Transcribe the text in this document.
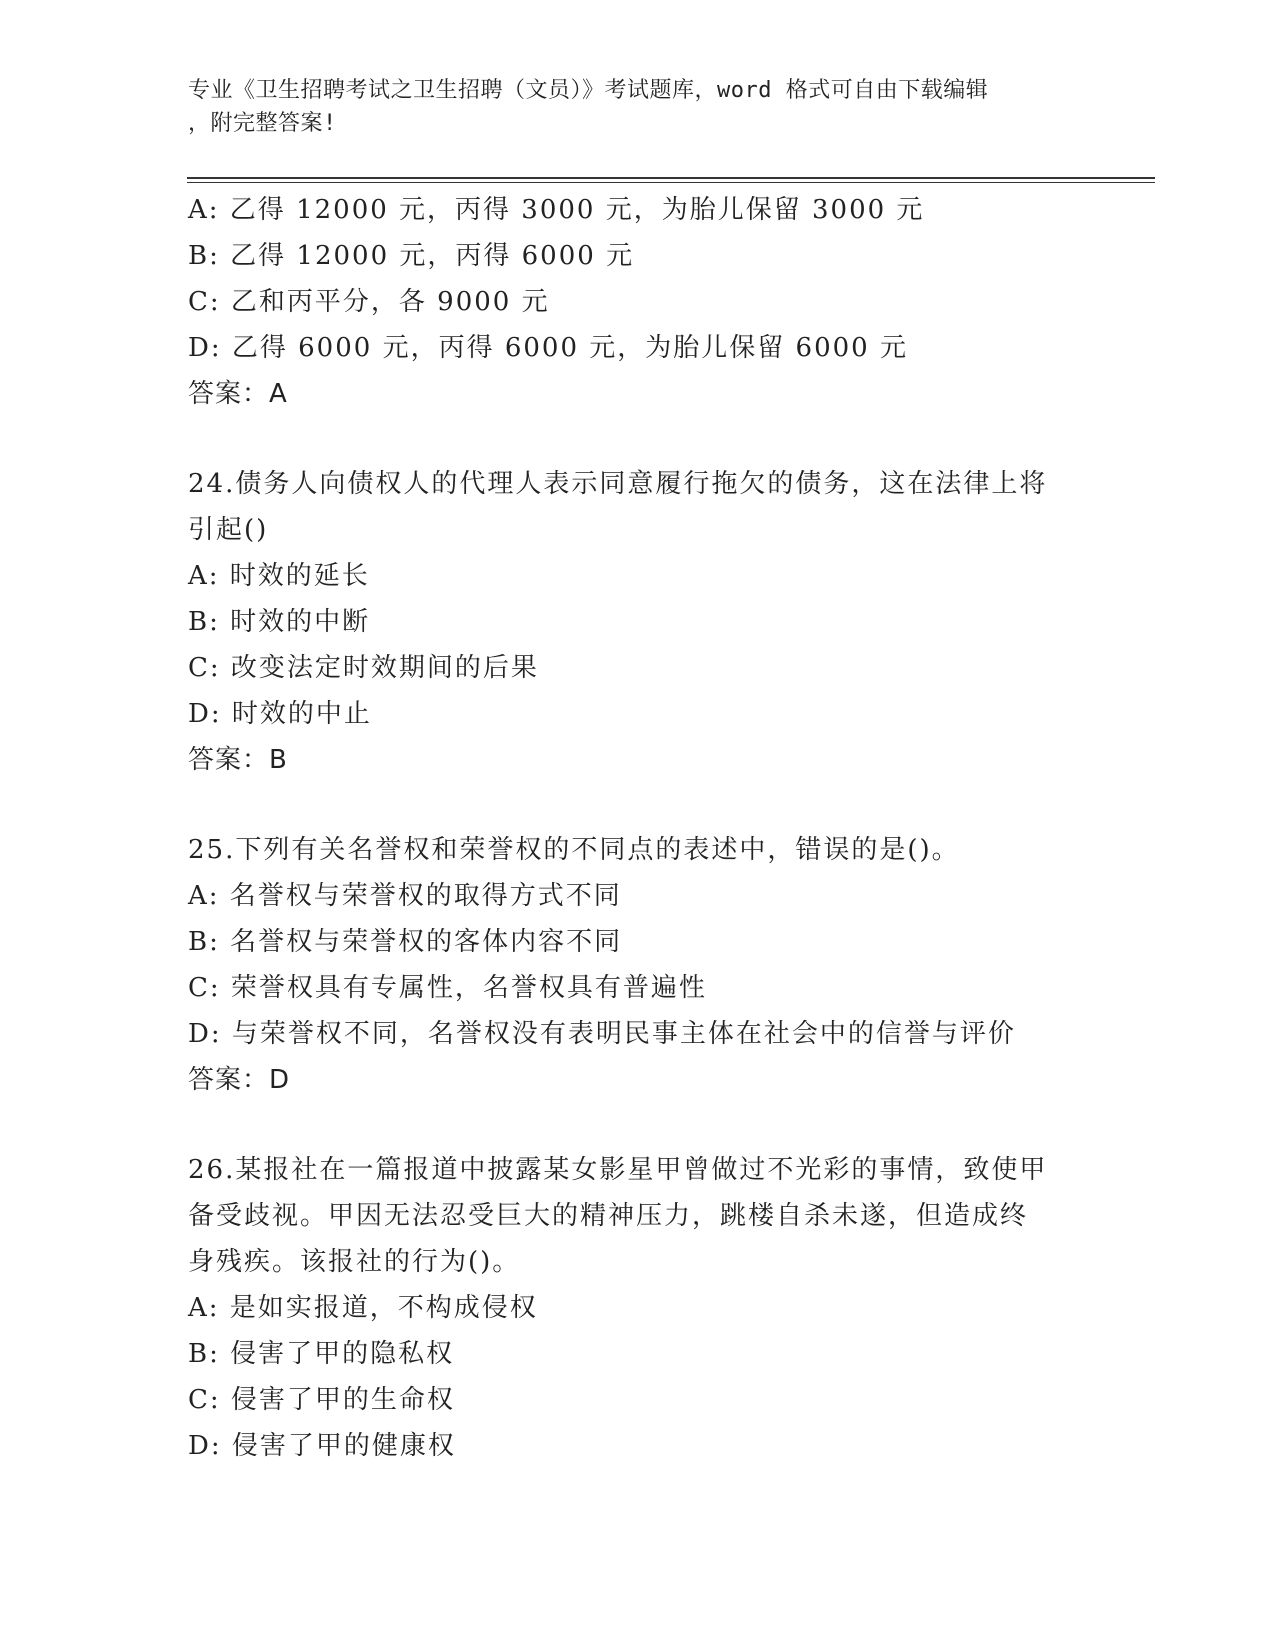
专业《卫生招聘考试之卫生招聘（文员）》考试题库，word 格式可自由下载编辑
，附完整答案!
A: 乙得 12000 元，丙得 3000 元，为胎儿保留 3000 元
B: 乙得 12000 元，丙得 6000 元
C: 乙和丙平分，各 9000 元
D: 乙得 6000 元，丙得 6000 元，为胎儿保留 6000 元
答案：A
24.债务人向债权人的代理人表示同意履行拖欠的债务，这在法律上将
引起()
A: 时效的延长
B: 时效的中断
C: 改变法定时效期间的后果
D: 时效的中止
答案：B
25.下列有关名誉权和荣誉权的不同点的表述中，错误的是()。
A: 名誉权与荣誉权的取得方式不同
B: 名誉权与荣誉权的客体内容不同
C: 荣誉权具有专属性，名誉权具有普遍性
D: 与荣誉权不同，名誉权没有表明民事主体在社会中的信誉与评价
答案：D
26.某报社在一篇报道中披露某女影星甲曾做过不光彩的事情，致使甲
备受歧视。甲因无法忍受巨大的精神压力，跳楼自杀未遂，但造成终
身残疾。该报社的行为()。
A: 是如实报道，不构成侵权
B: 侵害了甲的隐私权
C: 侵害了甲的生命权
D: 侵害了甲的健康权
